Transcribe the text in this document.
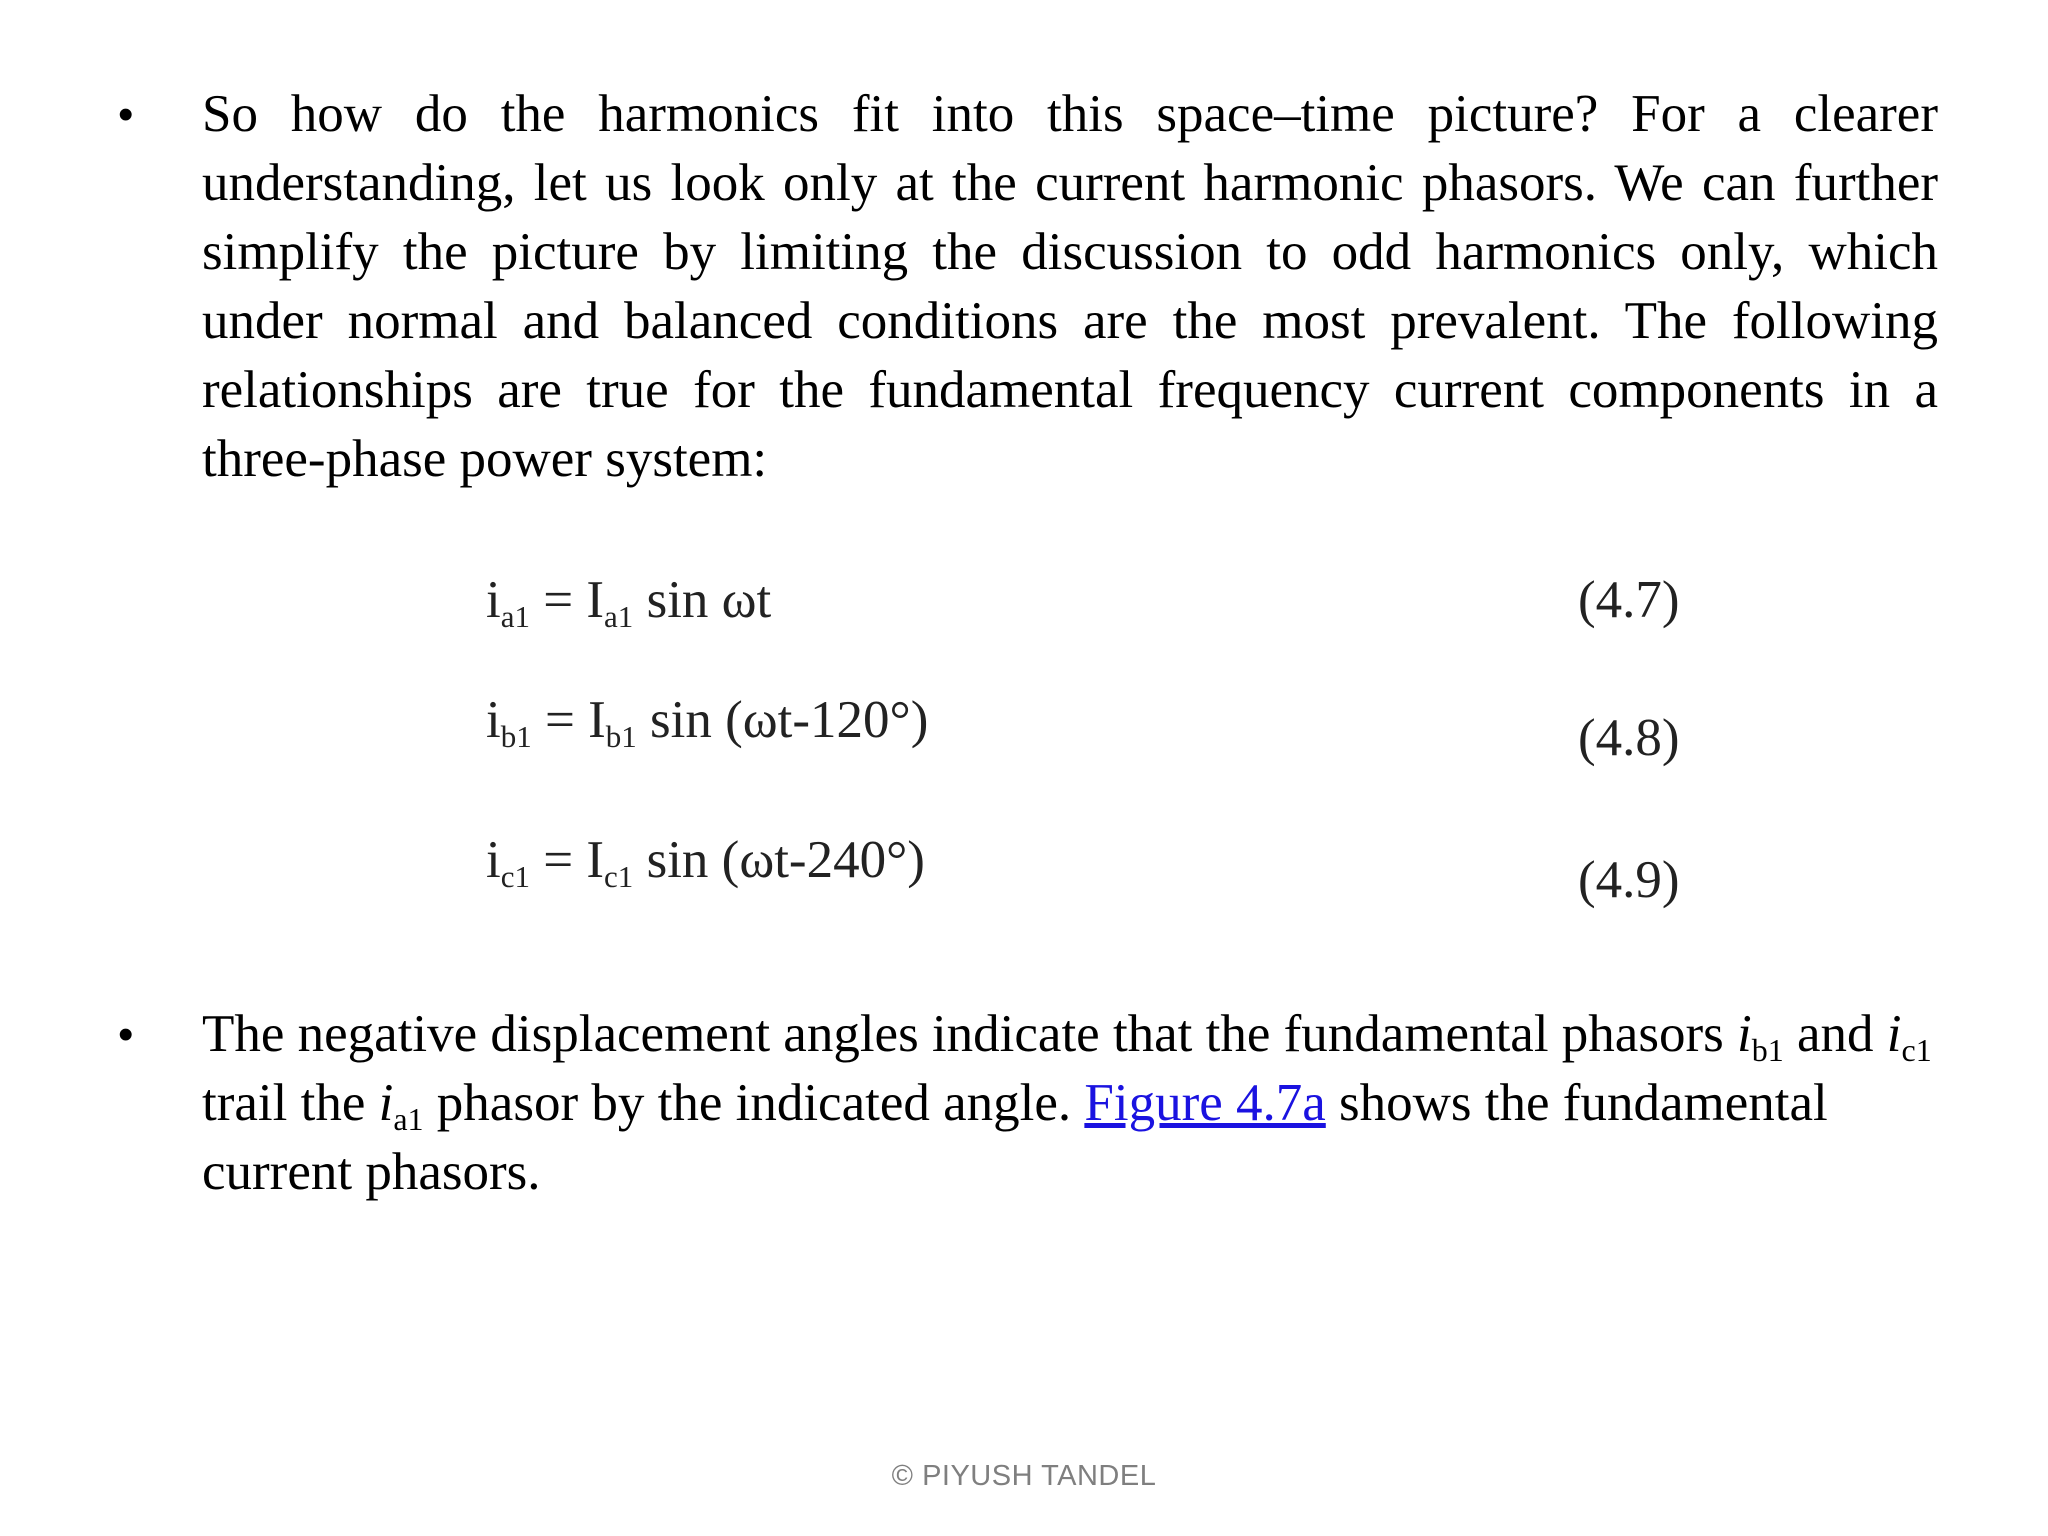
•	So how do the harmonics fit into this space–time picture? For a clearer understanding, let us look only at the current harmonic phasors. We can further simplify the picture by limiting the discussion to odd harmonics only, which under normal and balanced conditions are the most prevalent. The following relationships are true for the fundamental frequency current components in a three-phase power system:
ia1 = Ia1 sin ωt	(4.7)
ib1 = Ib1 sin (ωt-120°)	(4.8)
ic1 = Ic1 sin (ωt-240°)	(4.9)
•	The negative displacement angles indicate that the fundamental phasors $i_{b1}$ and $i_{c1}$ trail the $i_{a1}$ phasor by the indicated angle. Figure 4.7a shows the fundamental current phasors.
© PIYUSH TANDEL
